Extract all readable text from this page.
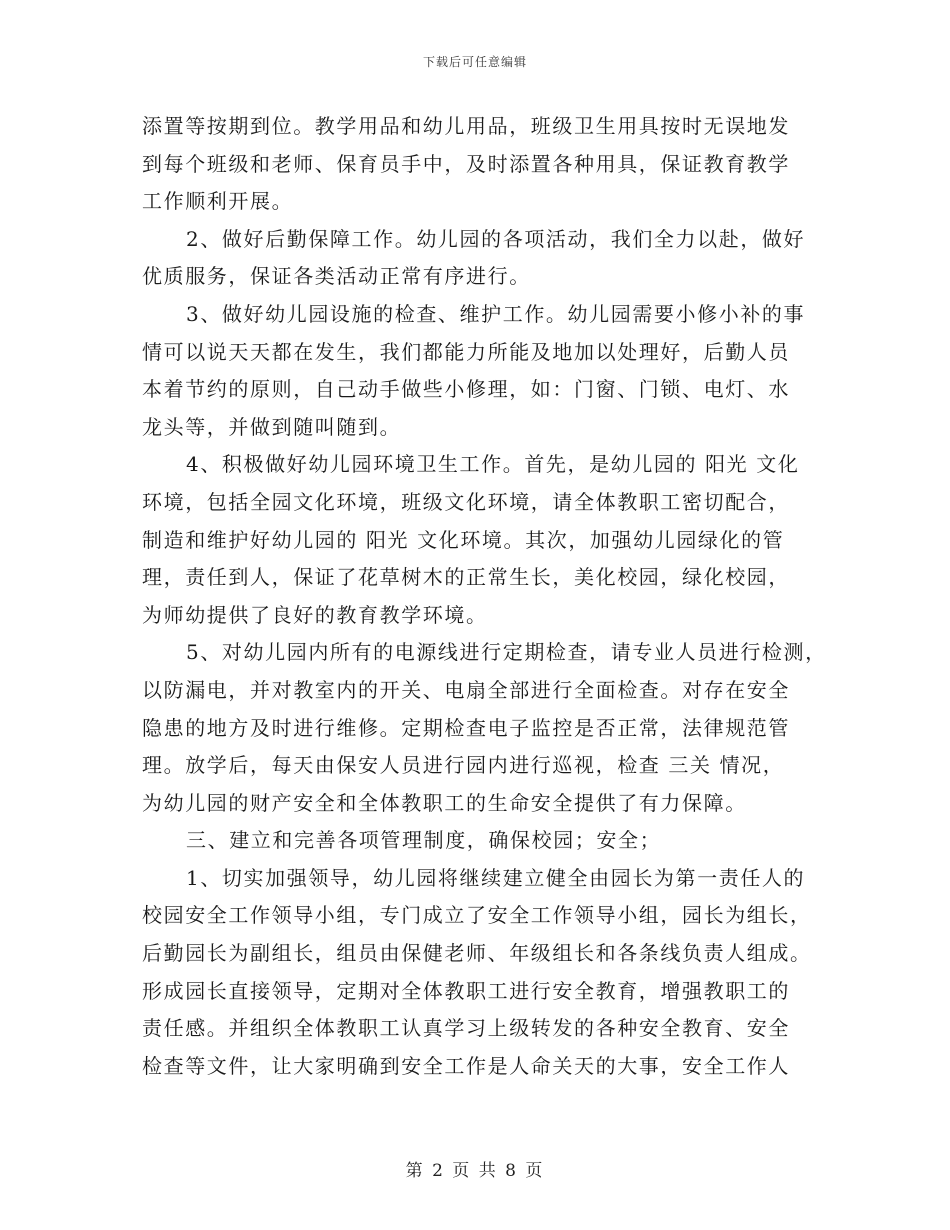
下载后可任意编辑
添置等按期到位。教学用品和幼儿用品，班级卫生用具按时无误地发
到每个班级和老师、保育员手中，及时添置各种用具，保证教育教学
工作顺利开展。
2、做好后勤保障工作。幼儿园的各项活动，我们全力以赴，做好
优质服务，保证各类活动正常有序进行。
3、做好幼儿园设施的检查、维护工作。幼儿园需要小修小补的事
情可以说天天都在发生，我们都能力所能及地加以处理好，后勤人员
本着节约的原则，自己动手做些小修理，如：门窗、门锁、电灯、水
龙头等，并做到随叫随到。
4、积极做好幼儿园环境卫生工作。首先，是幼儿园的 阳光 文化
环境，包括全园文化环境，班级文化环境，请全体教职工密切配合，
制造和维护好幼儿园的 阳光 文化环境。其次，加强幼儿园绿化的管
理，责任到人，保证了花草树木的正常生长，美化校园，绿化校园，
为师幼提供了良好的教育教学环境。
5、对幼儿园内所有的电源线进行定期检查，请专业人员进行检测，
以防漏电，并对教室内的开关、电扇全部进行全面检查。对存在安全
隐患的地方及时进行维修。定期检查电子监控是否正常，法律规范管
理。放学后，每天由保安人员进行园内进行巡视，检查 三关 情况，
为幼儿园的财产安全和全体教职工的生命安全提供了有力保障。
三、建立和完善各项管理制度，确保校园；安全；
1、切实加强领导，幼儿园将继续建立健全由园长为第一责任人的
校园安全工作领导小组，专门成立了安全工作领导小组，园长为组长，
后勤园长为副组长，组员由保健老师、年级组长和各条线负责人组成。
形成园长直接领导，定期对全体教职工进行安全教育，增强教职工的
责任感。并组织全体教职工认真学习上级转发的各种安全教育、安全
检查等文件，让大家明确到安全工作是人命关天的大事，安全工作人
第 2 页 共 8 页
